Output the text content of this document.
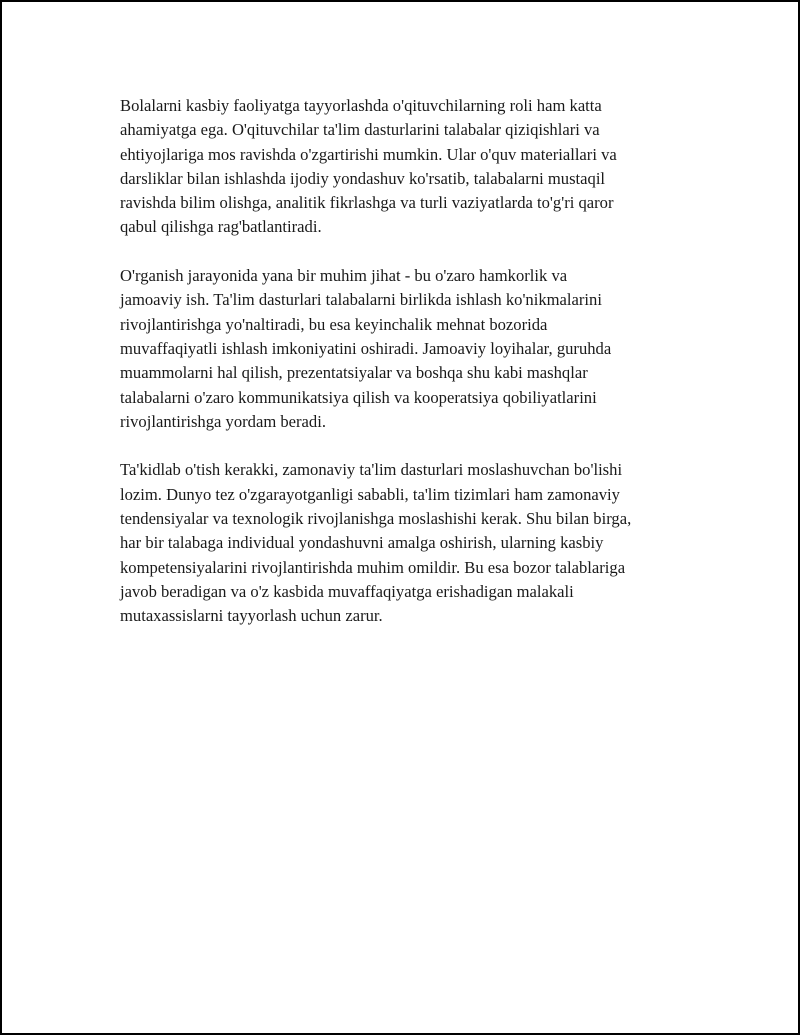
Bolalarni kasbiy faoliyatga tayyorlashda o'qituvchilarning roli ham katta
ahamiyatga ega. O'qituvchilar ta'lim dasturlarini talabalar qiziqishlari va
ehtiyojlariga mos ravishda o'zgartirishi mumkin. Ular o'quv materiallari va
darsliklar bilan ishlashda ijodiy yondashuv ko'rsatib, talabalarni mustaqil
ravishda bilim olishga, analitik fikrlashga va turli vaziyatlarda to'g'ri qaror
qabul qilishga rag'batlantiradi.

O'rganish jarayonida yana bir muhim jihat - bu o'zaro hamkorlik va
jamoaviy ish. Ta'lim dasturlari talabalarni birlikda ishlash ko'nikmalarini
rivojlantirishga yo'naltiradi, bu esa keyinchalik mehnat bozorida
muvaffaqiyatli ishlash imkoniyatini oshiradi. Jamoaviy loyihalar, guruhda
muammolarni hal qilish, prezentatsiyalar va boshqa shu kabi mashqlar
talabalarni o'zaro kommunikatsiya qilish va kooperatsiya qobiliyatlarini
rivojlantirishga yordam beradi.

Ta'kidlab o'tish kerakki, zamonaviy ta'lim dasturlari moslashuvchan bo'lishi
lozim. Dunyo tez o'zgarayotganligi sababli, ta'lim tizimlari ham zamonaviy
tendensiyalar va texnologik rivojlanishga moslashishi kerak. Shu bilan birga,
har bir talabaga individual yondashuvni amalga oshirish, ularning kasbiy
kompetensiyalarini rivojlantirishda muhim omildir. Bu esa bozor talablariga
javob beradigan va o'z kasbida muvaffaqiyatga erishadigan malakali
mutaxassislarni tayyorlash uchun zarur.
